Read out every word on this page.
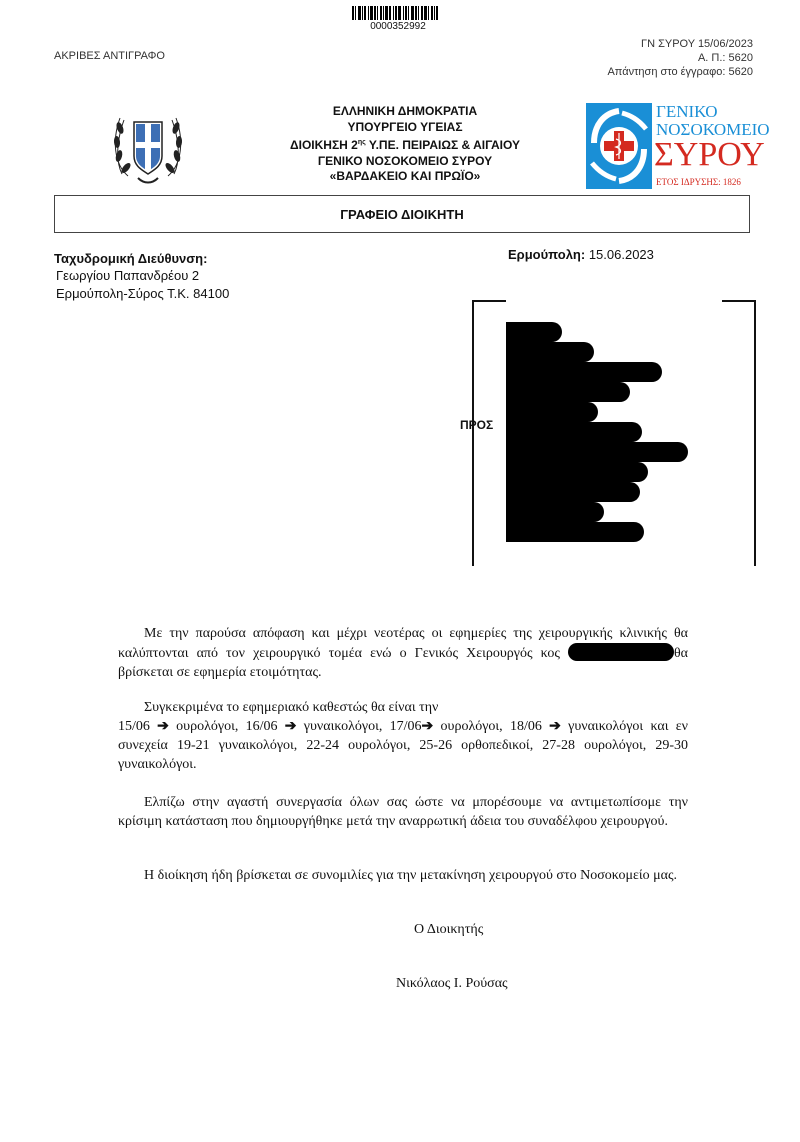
0000352992
ΑΚΡΙΒΕΣ ΑΝΤΙΓΡΑΦΟ
ΓΝ ΣΥΡΟΥ 15/06/2023
Α. Π.: 5620
Απάντηση στο έγγραφο: 5620
ΕΛΛΗΝΙΚΗ ΔΗΜΟΚΡΑΤΙΑ
ΥΠΟΥΡΓΕΙΟ ΥΓΕΙΑΣ
ΔΙΟΙΚΗΣΗ $2^{\eta\varsigma}$ Υ.ΠΕ. ΠΕΙΡΑΙΩΣ & ΑΙΓΑΙΟΥ
ΓΕΝΙΚΟ ΝΟΣΟΚΟΜΕΙΟ ΣΥΡΟΥ
«ΒΑΡΔΑΚΕΙΟ ΚΑΙ ΠΡΩΪΟ»
ΓΕΝΙΚΟ
ΝΟΣΟΚΟΜΕΙΟ
ΣΥΡΟΥ
ΕΤΟΣ ΙΔΡΥΣΗΣ: 1826
ΓΡΑΦΕΙΟ ΔΙΟΙΚΗΤΗ
Ταχυδρομική Διεύθυνση:
Γεωργίου Παπανδρέου 2
Ερμούπολη-Σύρος Τ.Κ. 84100
Ερμούπολη: 15.06.2023
ΠΡΟΣ
Με την παρούσα απόφαση και μέχρι νεοτέρας οι εφημερίες της χειρουργικής κλινικής θα καλύπτονται από τον χειρουργικό τομέα ενώ ο Γενικός Χειρουργός κος	θα βρίσκεται σε εφημερία ετοιμότητας.
Συγκεκριμένα το εφημεριακό καθεστώς θα είναι την
15/06 ➔ ουρολόγοι, 16/06 ➔ γυναικολόγοι, 17/06➔ ουρολόγοι, 18/06 ➔ γυναικολόγοι και εν συνεχεία 19-21 γυναικολόγοι, 22-24 ουρολόγοι, 25-26 ορθοπεδικοί, 27-28 ουρολόγοι, 29-30 γυναικολόγοι.
Ελπίζω στην αγαστή συνεργασία όλων σας ώστε να μπορέσουμε να αντιμετωπίσομε την κρίσιμη κατάσταση που δημιουργήθηκε μετά την αναρρωτική άδεια του συναδέλφου χειρουργού.
Η διοίκηση ήδη βρίσκεται σε συνομιλίες για την μετακίνηση χειρουργού στο Νοσοκομείο μας.
Ο Διοικητής
Νικόλαος Ι. Ρούσας
